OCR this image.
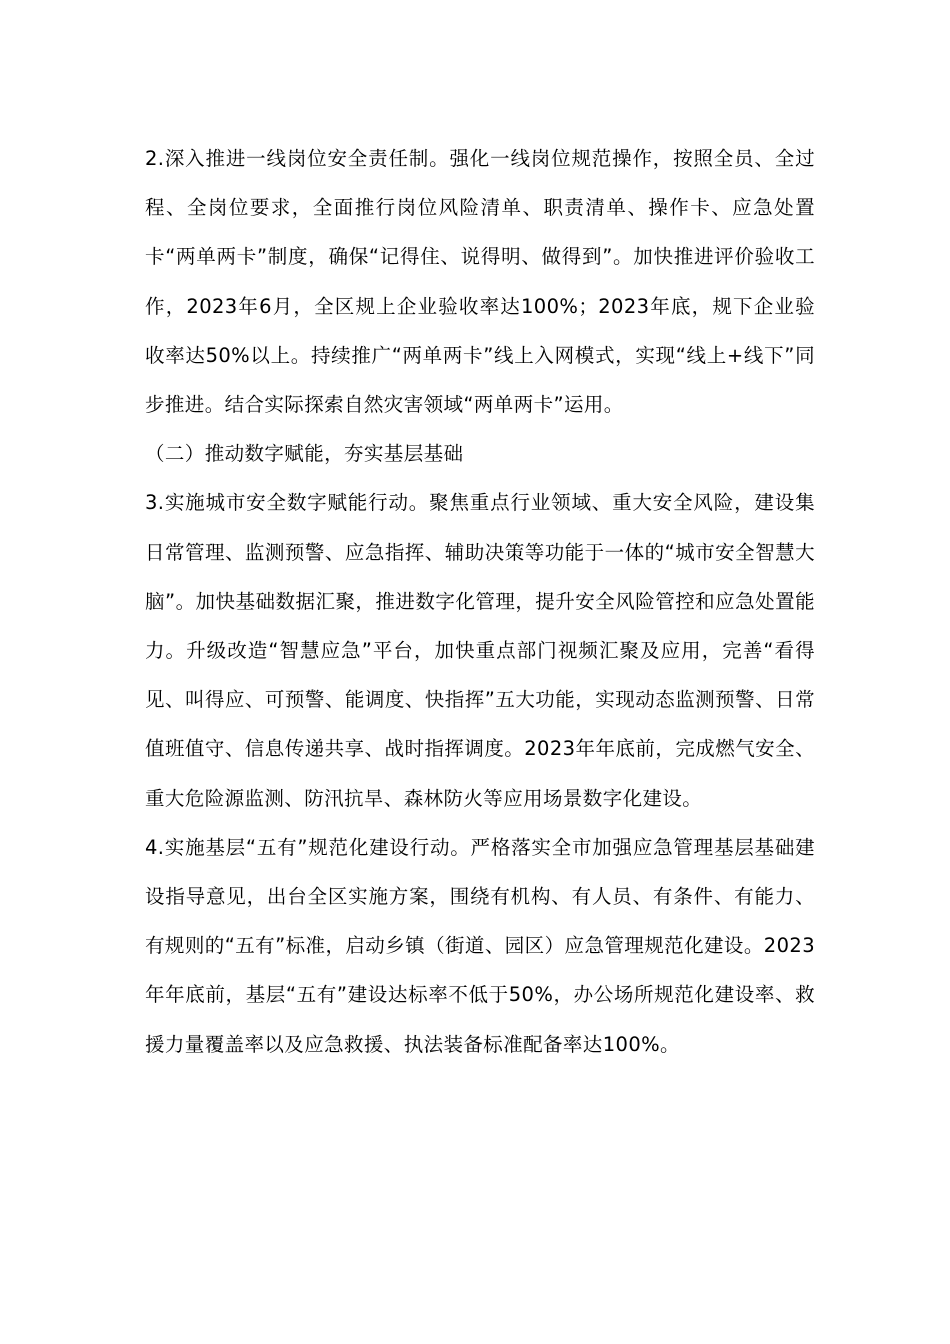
2.深入推进一线岗位安全责任制。强化一线岗位规范操作，按照全员、全过程、全岗位要求，全面推行岗位风险清单、职责清单、操作卡、应急处置卡“两单两卡”制度，确保“记得住、说得明、做得到”。加快推进评价验收工作，2023年6月，全区规上企业验收率达100%；2023年底，规下企业验收率达50%以上。持续推广“两单两卡”线上入网模式，实现“线上+线下”同步推进。结合实际探索自然灾害领域“两单两卡”运用。

（二）推动数字赋能，夯实基层基础

3.实施城市安全数字赋能行动。聚焦重点行业领域、重大安全风险，建设集日常管理、监测预警、应急指挥、辅助决策等功能于一体的“城市安全智慧大脑”。加快基础数据汇聚，推进数字化管理，提升安全风险管控和应急处置能力。升级改造“智慧应急”平台，加快重点部门视频汇聚及应用，完善“看得见、叫得应、可预警、能调度、快指挥”五大功能，实现动态监测预警、日常值班值守、信息传递共享、战时指挥调度。2023年年底前，完成燃气安全、重大危险源监测、防汛抗旱、森林防火等应用场景数字化建设。

4.实施基层“五有”规范化建设行动。严格落实全市加强应急管理基层基础建设指导意见，出台全区实施方案，围绕有机构、有人员、有条件、有能力、有规则的“五有”标准，启动乡镇（街道、园区）应急管理规范化建设。2023年年底前，基层“五有”建设达标率不低于50%，办公场所规范化建设率、救援力量覆盖率以及应急救援、执法装备标准配备率达100%。
